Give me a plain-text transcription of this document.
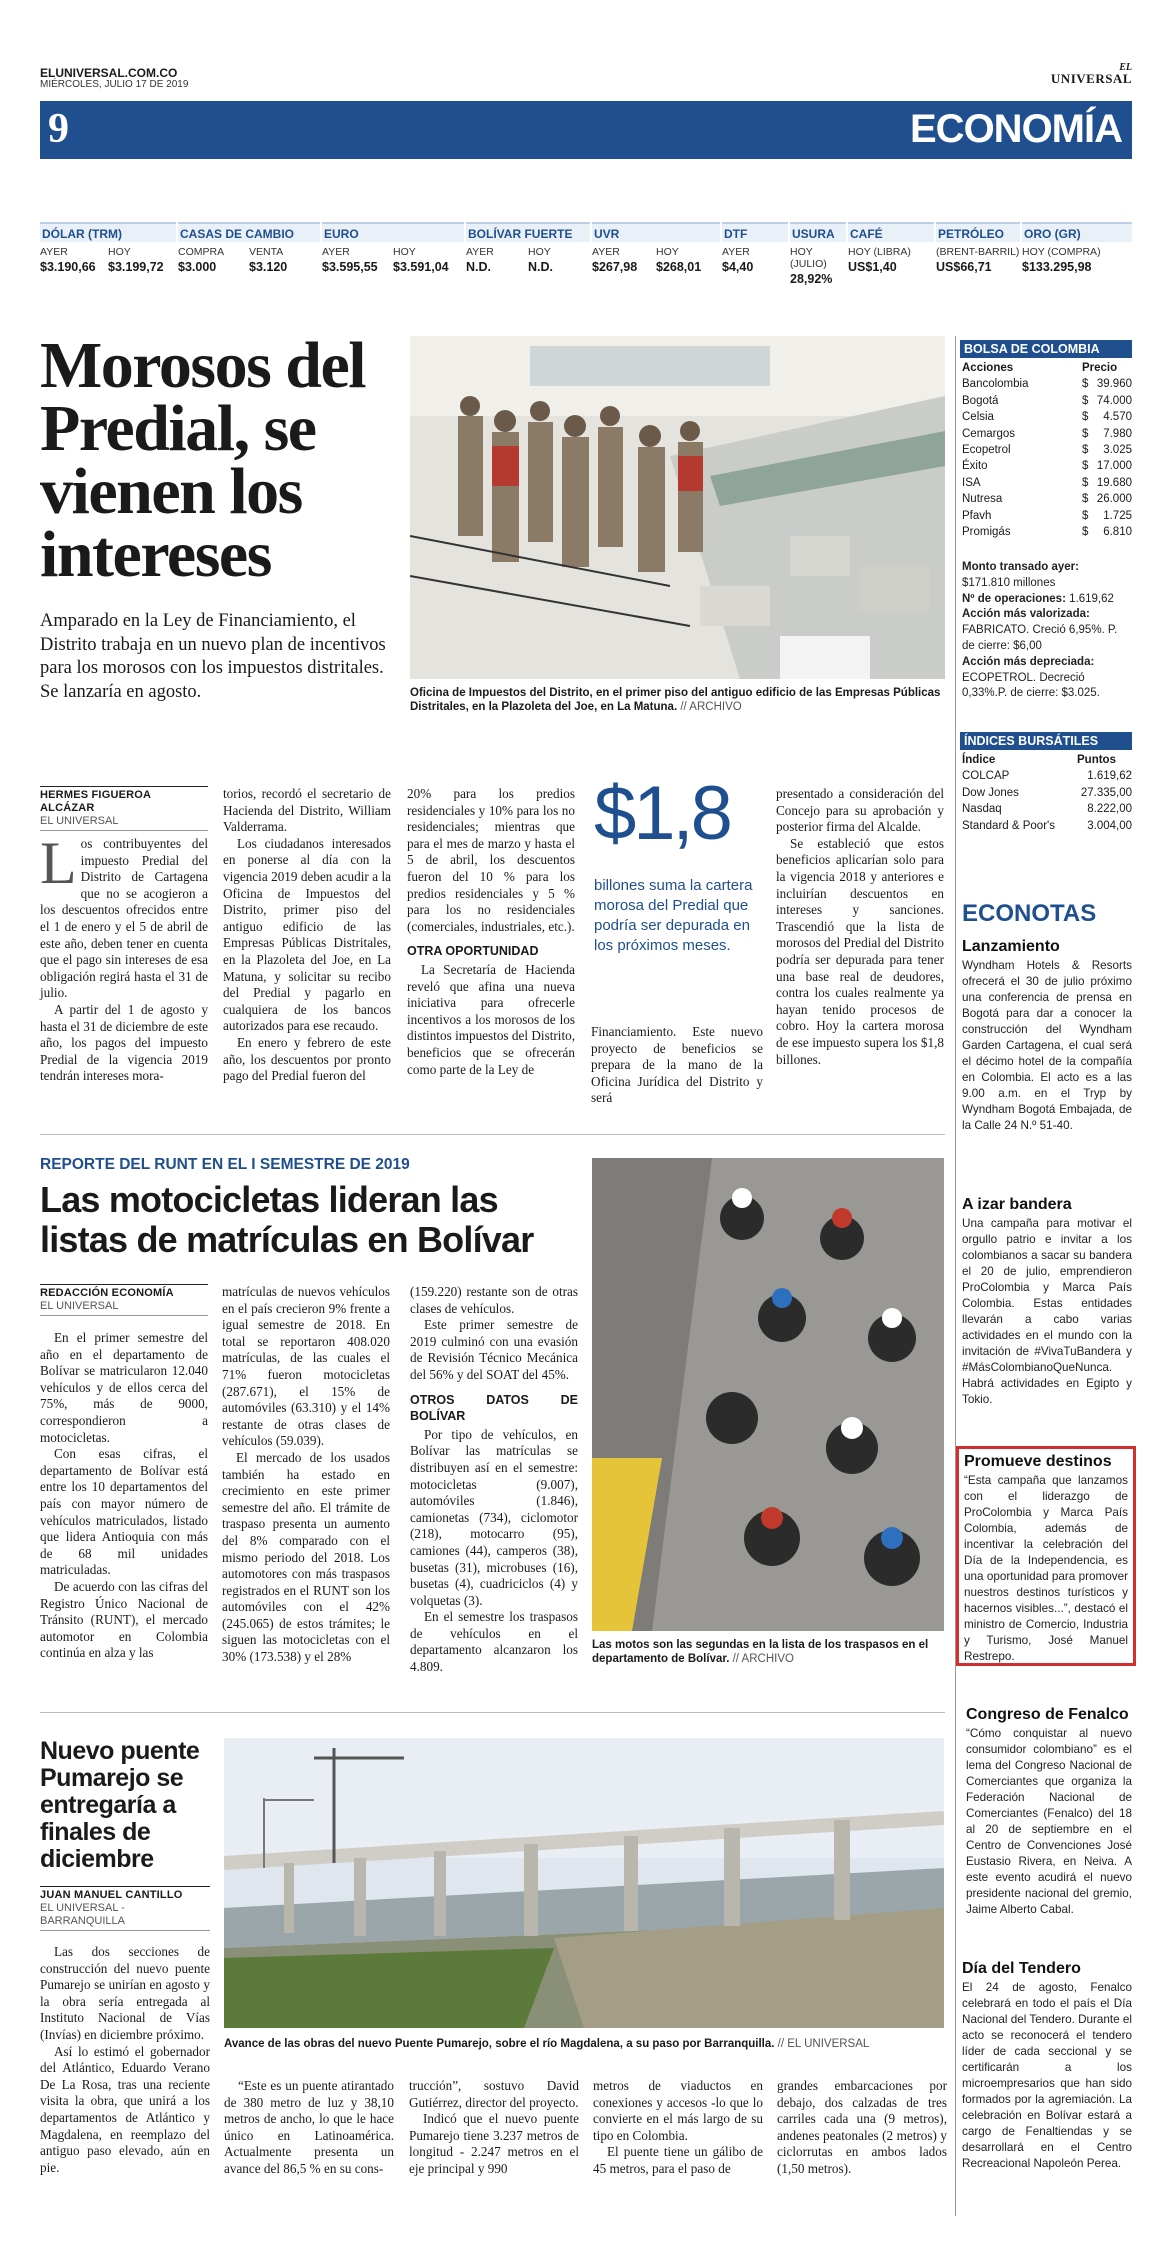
ELUNIVERSAL.COM.CO
MIÉRCOLES, JULIO 17 DE 2019
EL
UNIVERSAL
9	ECONOMÍA
DÓLAR (TRM)
AYER	HOY
$3.190,66 $3.199,72
CASAS DE CAMBIO
COMPRA	VENTA
$3.000	$3.120
EURO
AYER	HOY
$3.595,55	$3.591,04
BOLÍVAR FUERTE
AYER	HOY
N.D.	N.D.
UVR
AYER	HOY
$267,98	$268,01
DTF
AYER
$4,40
USURA
HOY (JULIO)
28,92%
CAFÉ
HOY (LIBRA)
US$1,40
PETRÓLEO
(BRENT-BARRIL)
US$66,71
ORO (GR)
HOY (COMPRA)
$133.295,98
Morosos del
Predial, se
vienen los
intereses
Amparado en la Ley de Financiamiento, el Distrito trabaja en un nuevo plan de incentivos para los morosos con los impuestos distritales. Se lanzaría en agosto.	Oficina de Impuestos del Distrito, en el primer piso del antiguo edificio de las Empresas Públicas Distritales, en la Plazoleta del Joe, en La Matuna. // ARCHIVO
HERMES FIGUEROA ALCÁZAR
EL UNIVERSAL

Los contribuyentes del impuesto Predial del Distrito de Cartagena que no se acogieron a los descuentos ofrecidos entre el 1 de enero y el 5 de abril de este año, deben tener en cuenta que el pago sin intereses de esa obligación regirá hasta el 31 de julio.

A partir del 1 de agosto y hasta el 31 de diciembre de este año, los pagos del impuesto Predial de la vigencia 2019 tendrán intereses mora-

torios, recordó el secretario de Hacienda del Distrito, William Valderrama.

Los ciudadanos interesados en ponerse al día con la vigencia 2019 deben acudir a la Oficina de Impuestos del Distrito, primer piso del antiguo edificio de las Empresas Públicas Distritales, en la Plazoleta del Joe, en La Matuna, y solicitar su recibo del Predial y pagarlo en cualquiera de los bancos autorizados para ese recaudo.

En enero y febrero de este año, los descuentos por pronto pago del Predial fueron del

20% para los predios residenciales y 10% para los no residenciales; mientras que para el mes de marzo y hasta el 5 de abril, los descuentos fueron del 10 % para los predios residenciales y 5 % para los no residenciales (comerciales, industriales, etc.).

OTRA OPORTUNIDAD

La Secretaría de Hacienda reveló que afina una nueva iniciativa para ofrecerle incentivos a los morosos de los distintos impuestos del Distrito, beneficios que se ofrecerán como parte de la Ley de

$1,8
billones suma la cartera morosa del Predial que podría ser depurada en los próximos meses.

Financiamiento. Este nuevo proyecto de beneficios se prepara de la mano de la Oficina Jurídica del Distrito y será

presentado a consideración del Concejo para su aprobación y posterior firma del Alcalde.

Se estableció que estos beneficios aplicarían solo para la vigencia 2018 y anteriores e incluirían descuentos en intereses y sanciones. Trascendió que la lista de morosos del Predial del Distrito podría ser depurada para tener una base real de deudores, contra los cuales realmente ya hayan tenido procesos de cobro. Hoy la cartera morosa de ese impuesto supera los $1,8 billones.

REPORTE DEL RUNT EN EL I SEMESTRE DE 2019
Las motocicletas lideran las
listas de matrículas en Bolívar
REDACCIÓN ECONOMÍA
EL UNIVERSAL

En el primer semestre del año en el departamento de Bolívar se matricularon 12.040 vehículos y de ellos cerca del 75%, más de 9000, correspondieron a motocicletas.

Con esas cifras, el departamento de Bolívar está entre los 10 departamentos del país con mayor número de vehículos matriculados, listado que lidera Antioquia con más de 68 mil unidades matriculadas.

De acuerdo con las cifras del Registro Único Nacional de Tránsito (RUNT), el mercado automotor en Colombia continúa en alza y las

matrículas de nuevos vehículos en el país crecieron 9% frente a igual semestre de 2018. En total se reportaron 408.020 matrículas, de las cuales el 71% fueron motocicletas (287.671), el 15% de automóviles (63.310) y el 14% restante de otras clases de vehículos (59.039).

El mercado de los usados también ha estado en crecimiento en este primer semestre del año. El trámite de traspaso presenta un aumento del 8% comparado con el mismo periodo del 2018. Los automotores con más traspasos registrados en el RUNT son los automóviles con el 42% (245.065) de estos trámites; le siguen las motocicletas con el 30% (173.538) y el 28%

(159.220) restante son de otras clases de vehículos.

Este primer semestre de 2019 culminó con una evasión de Revisión Técnico Mecánica del 56% y del SOAT del 45%.

OTROS DATOS DE BOLÍVAR

Por tipo de vehículos, en Bolívar las matrículas se distribuyen así en el semestre: motocicletas (9.007), automóviles (1.846), camionetas (734), ciclomotor (218), motocarro (95), camiones (44), camperos (38), busetas (31), microbuses (16), busetas (4), cuadriciclos (4) y volquetas (3).

En el semestre los traspasos de vehículos en el departamento alcanzaron los 4.809.

Las motos son las segundas en la lista de los traspasos en el departamento de Bolívar. // ARCHIVO
Nuevo puente
Pumarejo se
entregaría a
finales de
diciembre
JUAN MANUEL CANTILLO
EL UNIVERSAL - BARRANQUILLA

Las dos secciones de construcción del nuevo puente Pumarejo se unirían en agosto y la obra sería entregada al Instituto Nacional de Vías (Invías) en diciembre próximo.

Así lo estimó el gobernador del Atlántico, Eduardo Verano De La Rosa, tras una reciente visita la obra, que unirá a los departamentos de Atlántico y Magdalena, en reemplazo del antiguo paso elevado, aún en pie.

Avance de las obras del nuevo Puente Pumarejo, sobre el río Magdalena, a su paso por Barranquilla. // EL UNIVERSAL

“Este es un puente atirantado de 380 metro de luz y 38,10 metros de ancho, lo que le hace único en Latinoamérica. Actualmente presenta un avance del 86,5 % en su cons-

trucción”, sostuvo David Gutiérrez, director del proyecto.

Indicó que el nuevo puente Pumarejo tiene 3.237 metros de longitud - 2.247 metros en el eje principal y 990

metros de viaductos en conexiones y accesos -lo que lo convierte en el más largo de su tipo en Colombia.

El puente tiene un gálibo de 45 metros, para el paso de

grandes embarcaciones por debajo, dos calzadas de tres carriles cada una (9 metros), andenes peatonales (2 metros) y ciclorrutas en ambos lados (1,50 metros).

BOLSA DE COLOMBIA
Acciones	Precio
Bancolombia	$ 39.960
Bogotá	$ 74.000
Celsia	$	4.570
Cemargos	$	7.980
Ecopetrol	$	3.025
Éxito	$ 17.000
ISA	$ 19.680
Nutresa	$ 26.000
Pfavh	$	1.725
Promigás	$	6.810
Monto transado ayer:
$171.810 millones
Nº de operaciones: 1.619,62
Acción más valorizada: FABRICATO. Creció 6,95%. P. de cierre: $6,00
Acción más depreciada: ECOPETROL. Decreció 0,33%.P. de cierre: $3.025.
ÍNDICES BURSÁTILES
Índice	Puntos
COLCAP	1.619,62
Dow Jones	27.335,00
Nasdaq	8.222,00
Standard & Poor's	3.004,00
ECONOTAS
Lanzamiento
Wyndham Hotels & Resorts ofrecerá el 30 de julio próximo una conferencia de prensa en Bogotá para dar a conocer la construcción del Wyndham Garden Cartagena, el cual será el décimo hotel de la compañía en Colombia. El acto es a las 9.00 a.m. en el Tryp by Wyndham Bogotá Embajada, de la Calle 24 N.º 51-40.
A izar bandera
Una campaña para motivar el orgullo patrio e invitar a los colombianos a sacar su bandera el 20 de julio, emprendieron ProColombia y Marca País Colombia. Estas entidades llevarán a cabo varias actividades en el mundo con la invitación de #VivaTuBandera y #MásColombianoQueNunca. Habrá actividades en Egipto y Tokio.
Promueve destinos
“Esta campaña que lanzamos con el liderazgo de ProColombia y Marca País Colombia, además de incentivar la celebración del Día de la Independencia, es una oportunidad para promover nuestros destinos turísticos y hacernos visibles...”, destacó el ministro de Comercio, Industria y Turismo, José Manuel Restrepo.
Congreso de Fenalco
“Cómo conquistar al nuevo consumidor colombiano” es el lema del Congreso Nacional de Comerciantes que organiza la Federación Nacional de Comerciantes (Fenalco) del 18 al 20 de septiembre en el Centro de Convenciones José Eustasio Rivera, en Neiva. A este evento acudirá el nuevo presidente nacional del gremio, Jaime Alberto Cabal.
Día del Tendero
El 24 de agosto, Fenalco celebrará en todo el país el Día Nacional del Tendero. Durante el acto se reconocerá el tendero líder de cada seccional y se certificarán a los microempresarios que han sido formados por la agremiación. La celebración en Bolívar estará a cargo de Fenaltiendas y se desarrollará en el Centro Recreacional Napoleón Perea.
